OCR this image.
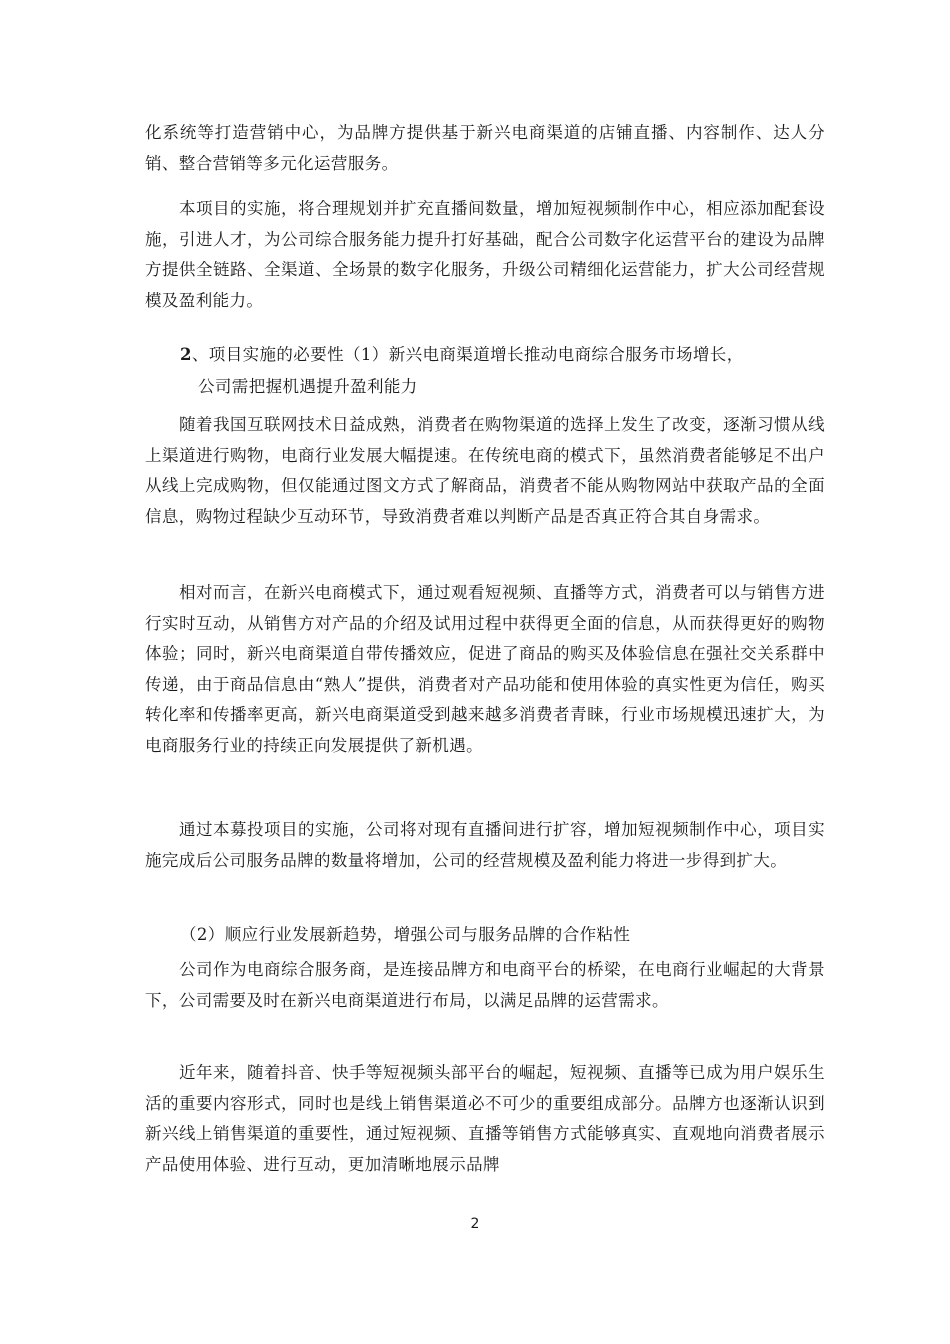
化系统等打造营销中心，为品牌方提供基于新兴电商渠道的店铺直播、内容制作、达人分销、整合营销等多元化运营服务。

本项目的实施，将合理规划并扩充直播间数量，增加短视频制作中心，相应添加配套设施，引进人才，为公司综合服务能力提升打好基础，配合公司数字化运营平台的建设为品牌方提供全链路、全渠道、全场景的数字化服务，升级公司精细化运营能力，扩大公司经营规模及盈利能力。

2、项目实施的必要性（1）新兴电商渠道增长推动电商综合服务市场增长，
公司需把握机遇提升盈利能力

随着我国互联网技术日益成熟，消费者在购物渠道的选择上发生了改变，逐渐习惯从线上渠道进行购物，电商行业发展大幅提速。在传统电商的模式下，虽然消费者能够足不出户从线上完成购物，但仅能通过图文方式了解商品，消费者不能从购物网站中获取产品的全面信息，购物过程缺少互动环节，导致消费者难以判断产品是否真正符合其自身需求。

相对而言，在新兴电商模式下，通过观看短视频、直播等方式，消费者可以与销售方进行实时互动，从销售方对产品的介绍及试用过程中获得更全面的信息，从而获得更好的购物体验；同时，新兴电商渠道自带传播效应，促进了商品的购买及体验信息在强社交关系群中传递，由于商品信息由“熟人”提供，消费者对产品功能和使用体验的真实性更为信任，购买转化率和传播率更高，新兴电商渠道受到越来越多消费者青睐，行业市场规模迅速扩大，为电商服务行业的持续正向发展提供了新机遇。

通过本募投项目的实施，公司将对现有直播间进行扩容，增加短视频制作中心，项目实施完成后公司服务品牌的数量将增加，公司的经营规模及盈利能力将进一步得到扩大。

（2）顺应行业发展新趋势，增强公司与服务品牌的合作粘性

公司作为电商综合服务商，是连接品牌方和电商平台的桥梁，在电商行业崛起的大背景下，公司需要及时在新兴电商渠道进行布局，以满足品牌的运营需求。

近年来，随着抖音、快手等短视频头部平台的崛起，短视频、直播等已成为用户娱乐生活的重要内容形式，同时也是线上销售渠道必不可少的重要组成部分。品牌方也逐渐认识到新兴线上销售渠道的重要性，通过短视频、直播等销售方式能够真实、直观地向消费者展示产品使用体验、进行互动，更加清晰地展示品牌

2
